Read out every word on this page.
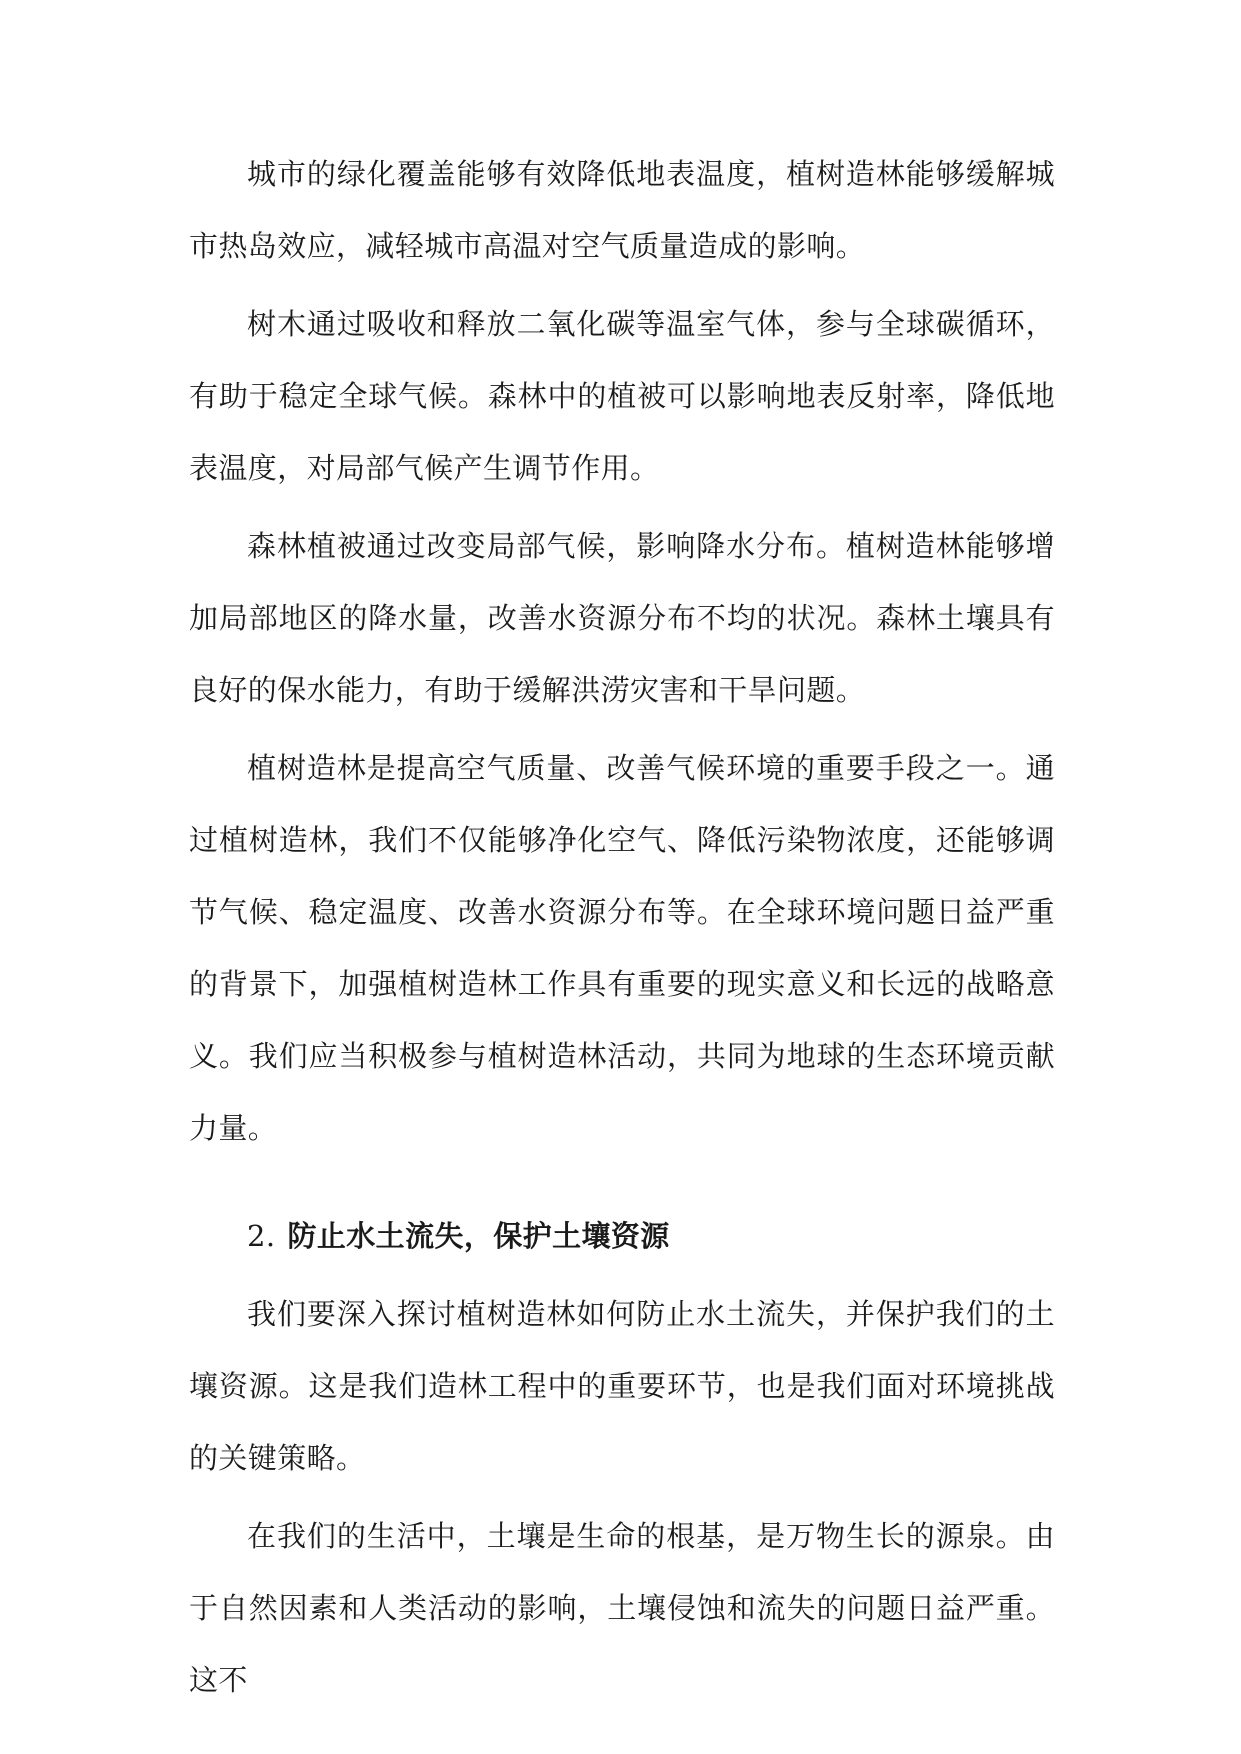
城市的绿化覆盖能够有效降低地表温度，植树造林能够缓解城市热岛效应，减轻城市高温对空气质量造成的影响。

树木通过吸收和释放二氧化碳等温室气体，参与全球碳循环，有助于稳定全球气候。森林中的植被可以影响地表反射率，降低地表温度，对局部气候产生调节作用。

森林植被通过改变局部气候，影响降水分布。植树造林能够增加局部地区的降水量，改善水资源分布不均的状况。森林土壤具有良好的保水能力，有助于缓解洪涝灾害和干旱问题。

植树造林是提高空气质量、改善气候环境的重要手段之一。通过植树造林，我们不仅能够净化空气、降低污染物浓度，还能够调节气候、稳定温度、改善水资源分布等。在全球环境问题日益严重的背景下，加强植树造林工作具有重要的现实意义和长远的战略意义。我们应当积极参与植树造林活动，共同为地球的生态环境贡献力量。

2. 防止水土流失，保护土壤资源

我们要深入探讨植树造林如何防止水土流失，并保护我们的土壤资源。这是我们造林工程中的重要环节，也是我们面对环境挑战的关键策略。

在我们的生活中，土壤是生命的根基，是万物生长的源泉。由于自然因素和人类活动的影响，土壤侵蚀和流失的问题日益严重。这不
